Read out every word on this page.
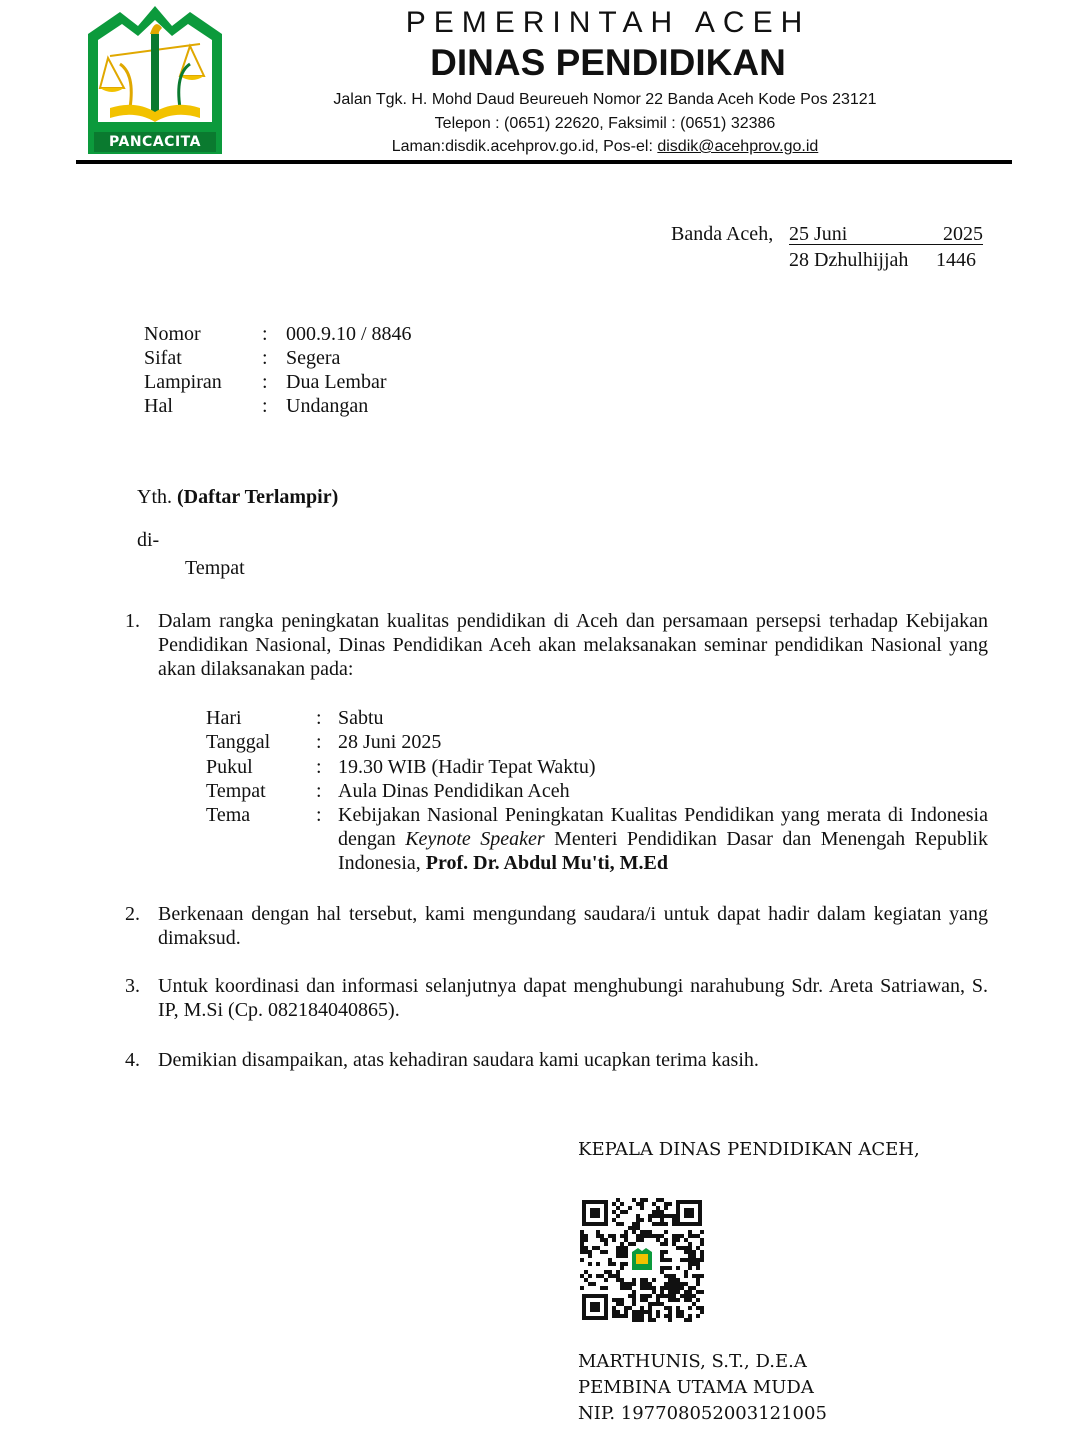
PANCACITA
PEMERINTAH ACEH
DINAS PENDIDIKAN
Jalan Tgk. H. Mohd Daud Beureueh Nomor 22 Banda Aceh Kode Pos 23121
Telepon : (0651) 22620, Faksimil : (0651) 32386
Laman:disdik.acehprov.go.id, Pos-el: disdik@acehprov.go.id
Banda Aceh, 25 Juni	2025
28 Dzhulhijjah 1446
Nomor	: 000.9.10 / 8846
Sifat	: Segera
Lampiran : Dua Lembar
Hal	: Undangan
Yth. (Daftar Terlampir)
di-
Tempat
1. Dalam rangka peningkatan kualitas pendidikan di Aceh dan persamaan persepsi terhadap Kebijakan Pendidikan Nasional, Dinas Pendidikan Aceh akan melaksanakan seminar pendidikan Nasional yang akan dilaksanakan pada:
Hari	: Sabtu
Tanggal : 28 Juni 2025
Pukul	: 19.30 WIB (Hadir Tepat Waktu)
Tempat	: Aula Dinas Pendidikan Aceh
Tema	: Kebijakan Nasional Peningkatan Kualitas Pendidikan yang merata di Indonesia dengan Keynote Speaker Menteri Pendidikan Dasar dan Menengah Republik Indonesia, Prof. Dr. Abdul Mu'ti, M.Ed
2. Berkenaan dengan hal tersebut, kami mengundang saudara/i untuk dapat hadir dalam kegiatan yang dimaksud.
3. Untuk koordinasi dan informasi selanjutnya dapat menghubungi narahubung Sdr. Areta Satriawan, S. IP, M.Si (Cp. 082184040865).
4. Demikian disampaikan, atas kehadiran saudara kami ucapkan terima kasih.
KEPALA DINAS PENDIDIKAN ACEH,
MARTHUNIS, S.T., D.E.A
PEMBINA UTAMA MUDA
NIP. 197708052003121005
